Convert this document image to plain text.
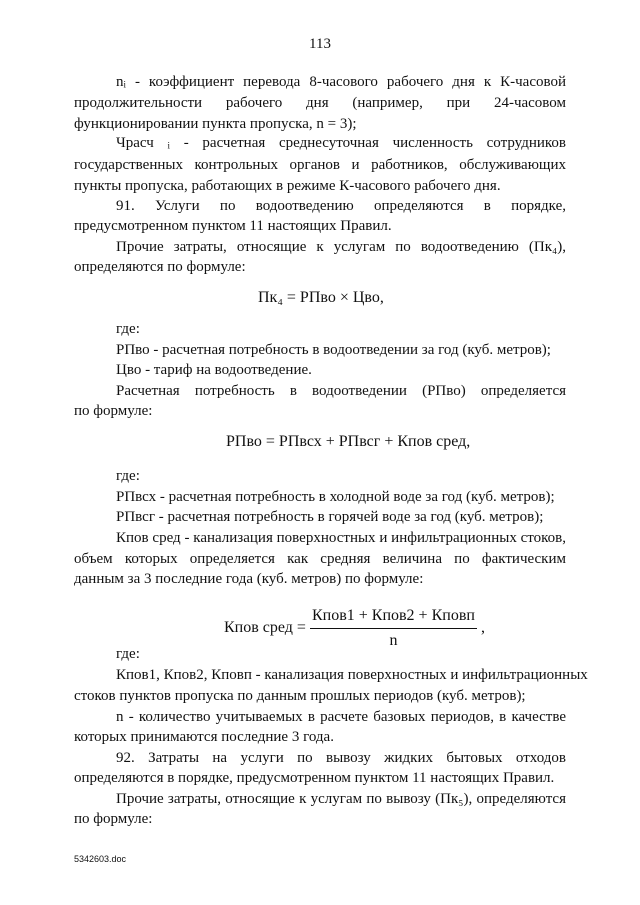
113
nᵢ - коэффициент перевода 8-часового рабочего дня к К-часовой
продолжительности рабочего дня (например, при 24-часовом
функционировании пункта пропуска, n = 3);
Чрасч ᵢ - расчетная среднесуточная численность сотрудников
государственных контрольных органов и работников, обслуживающих
пункты пропуска, работающих в режиме К-часового рабочего дня.
91. Услуги по водоотведению определяются в порядке,
предусмотренном пунктом 11 настоящих Правил.
Прочие затраты, относящие к услугам по водоотведению (Пк₄),
определяются по формуле:
Пк₄ = РПво × Цво,
где:
РПво - расчетная потребность в водоотведении за год (куб. метров);
Цво - тариф на водоотведение.
Расчетная потребность в водоотведении (РПво) определяется
по формуле:
РПво = РПвсх + РПвсг + Кпов сред,
где:
РПвсх - расчетная потребность в холодной воде за год (куб. метров);
РПвсг - расчетная потребность в горячей воде за год (куб. метров);
Кпов сред - канализация поверхностных и инфильтрационных стоков,
объем которых определяется как средняя величина по фактическим
данным за 3 последние года (куб. метров) по формуле:
Кпов сред = $\frac{\text{Кпов1 + Кпов2 + Кповп}}{n}$ ,
где:
Кпов1, Кпов2, Кповп - канализация поверхностных и инфильтрационных
стоков пунктов пропуска по данным прошлых периодов (куб. метров);
n - количество учитываемых в расчете базовых периодов, в качестве
которых принимаются последние 3 года.
92. Затраты на услуги по вывозу жидких бытовых отходов
определяются в порядке, предусмотренном пунктом 11 настоящих Правил.
Прочие затраты, относящие к услугам по вывозу (Пк₅), определяются
по формуле:
5342603.doc
